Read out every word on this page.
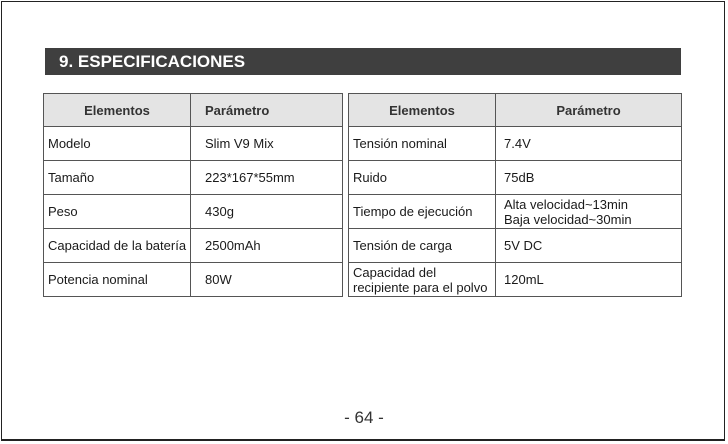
9. ESPECIFICACIONES
Elementos	Parámetro
Modelo	Slim V9 Mix
Tamaño	223*167*55mm
Peso	430g
Capacidad de la batería	2500mAh
Potencia nominal	80W
Elementos	Parámetro
Tensión nominal	7.4V
Ruido	75dB
Tiempo de ejecución	Alta velocidad~13min
Baja velocidad~30min

Tensión de carga	5V DC

Capacidad del
recipiente para el polvo	120mL
- 64 -
